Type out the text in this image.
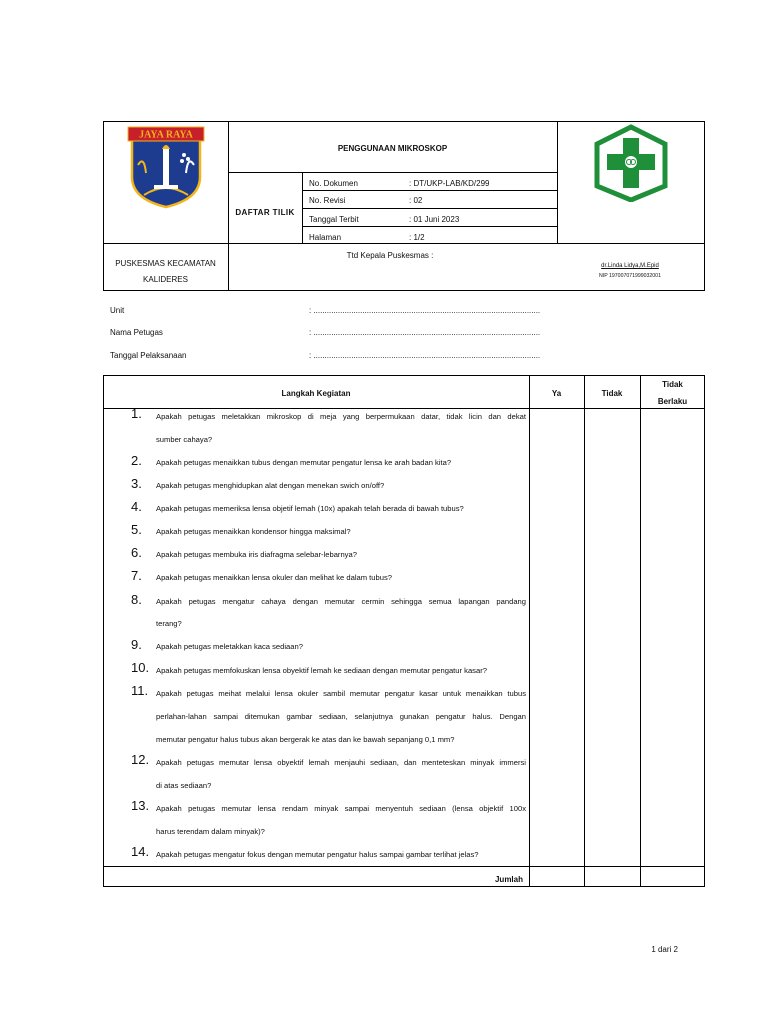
JAYA RAYA
PENGGUNAAN MIKROSKOP
DAFTAR TILIK
No. Dokumen	: DT/UKP-LAB/KD/299
No. Revisi	: 02
Tanggal Terbit	: 01 Juni 2023
Halaman	: 1/2
PUSKESMAS KECAMATAN
KALIDERES
Ttd Kepala Puskesmas :
dr.Linda Lidya,M.Epid
NIP 197007071999032001
Unit	: ......................................................................................................
Nama Petugas	: ......................................................................................................
Tanggal Pelaksanaan	: ......................................................................................................
Langkah Kegiatan	Ya	Tidak
Tidak
Berlaku
1.	Apakah petugas meletakkan mikroskop di meja yang berpermukaan datar, tidak licin dan dekat
sumber cahaya?
2.	Apakah petugas menaikkan tubus dengan memutar pengatur lensa ke arah badan kita?
3.	Apakah petugas menghidupkan alat dengan menekan swich on/off?
4.	Apakah petugas memeriksa lensa objetif lemah (10x) apakah telah berada di bawah tubus?
5.	Apakah petugas menaikkan kondensor hingga maksimal?
6.	Apakah petugas membuka iris diafragma selebar-lebarnya?
7.	Apakah petugas menaikkan lensa okuler dan melihat ke dalam tubus?
8.	Apakah petugas mengatur cahaya dengan memutar cermin sehingga semua lapangan pandang
terang?
9.	Apakah petugas meletakkan kaca sediaan?
10. Apakah petugas memfokuskan lensa obyektif lemah ke sediaan dengan memutar pengatur kasar?
11.	Apakah petugas meihat melalui lensa okuler sambil memutar pengatur kasar untuk menaikkan tubus
perlahan-lahan sampai ditemukan gambar sediaan, selanjutnya gunakan pengatur halus. Dengan
memutar pengatur halus tubus akan bergerak ke atas dan ke bawah sepanjang 0,1 mm?
12. Apakah petugas memutar lensa obyektif lemah menjauhi sediaan, dan menteteskan minyak immersi
di atas sediaan?
13. Apakah petugas memutar lensa rendam minyak sampai menyentuh sediaan (lensa objektif 100x
harus terendam dalam minyak)?
14. Apakah petugas mengatur fokus dengan memutar pengatur halus sampai gambar terlihat jelas?
Jumlah
1 dari 2
